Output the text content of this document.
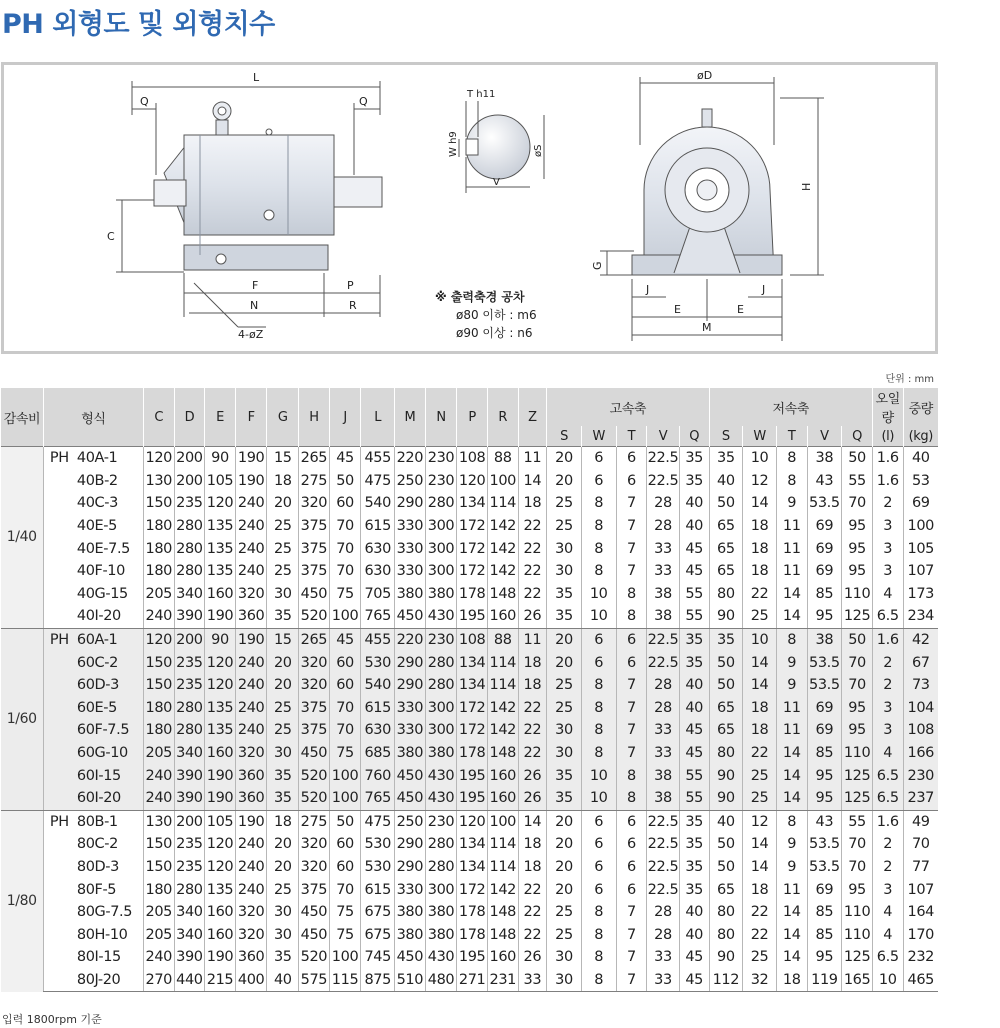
PH 외형도 및 외형치수
L
Q	Q
C
F	P
N	R
4-øZ
T h11
W h9	øS
V
※ 출력축경 공차
ø80 이하 : m6
ø90 이상 : n6
øD
H
G
J	J
E	E
M
단위 : mm
감속비	형식	C	D	E	F	G	H	J	L	M	N	P	R	Z	고속축					저속축					오일량	중량
															S	W	T	V	Q	S	W	T	V	Q	(l)	(kg)
1/40	PH 40A-1	120	200	90	190	15	265	45	455	220	230	108	88	11	20	6	6	22.5	35	35	10	8	38	50	1.6	40
	40B-2	130	200	105	190	18	275	50	475	250	230	120	100	14	20	6	6	22.5	35	40	12	8	43	55	1.6	53
	40C-3	150	235	120	240	20	320	60	540	290	280	134	114	18	25	8	7	28	40	50	14	9	53.5	70	2	69
	40E-5	180	280	135	240	25	375	70	615	330	300	172	142	22	25	8	7	28	40	65	18	11	69	95	3	100
	40E-7.5	180	280	135	240	25	375	70	630	330	300	172	142	22	30	8	7	33	45	65	18	11	69	95	3	105
	40F-10	180	280	135	240	25	375	70	630	330	300	172	142	22	30	8	7	33	45	65	18	11	69	95	3	107
	40G-15	205	340	160	320	30	450	75	705	380	380	178	148	22	35	10	8	38	55	80	22	14	85	110	4	173
	40I-20	240	390	190	360	35	520	100	765	450	430	195	160	26	35	10	8	38	55	90	25	14	95	125	6.5	234
1/60	PH 60A-1	120	200	90	190	15	265	45	455	220	230	108	88	11	20	6	6	22.5	35	35	10	8	38	50	1.6	42
	60C-2	150	235	120	240	20	320	60	530	290	280	134	114	18	20	6	6	22.5	35	50	14	9	53.5	70	2	67
	60D-3	150	235	120	240	20	320	60	540	290	280	134	114	18	25	8	7	28	40	50	14	9	53.5	70	2	73
	60E-5	180	280	135	240	25	375	70	615	330	300	172	142	22	25	8	7	28	40	65	18	11	69	95	3	104
	60F-7.5	180	280	135	240	25	375	70	630	330	300	172	142	22	30	8	7	33	45	65	18	11	69	95	3	108
	60G-10	205	340	160	320	30	450	75	685	380	380	178	148	22	30	8	7	33	45	80	22	14	85	110	4	166
	60I-15	240	390	190	360	35	520	100	760	450	430	195	160	26	35	10	8	38	55	90	25	14	95	125	6.5	230
	60I-20	240	390	190	360	35	520	100	765	450	430	195	160	26	35	10	8	38	55	90	25	14	95	125	6.5	237
1/80	PH 80B-1	130	200	105	190	18	275	50	475	250	230	120	100	14	20	6	6	22.5	35	40	12	8	43	55	1.6	49
	80C-2	150	235	120	240	20	320	60	530	290	280	134	114	18	20	6	6	22.5	35	50	14	9	53.5	70	2	70
	80D-3	150	235	120	240	20	320	60	530	290	280	134	114	18	20	6	6	22.5	35	50	14	9	53.5	70	2	77
	80F-5	180	280	135	240	25	375	70	615	330	300	172	142	22	20	6	6	22.5	35	65	18	11	69	95	3	107
	80G-7.5	205	340	160	320	30	450	75	675	380	380	178	148	22	25	8	7	28	40	80	22	14	85	110	4	164
	80H-10	205	340	160	320	30	450	75	675	380	380	178	148	22	25	8	7	28	40	80	22	14	85	110	4	170
	80I-15	240	390	190	360	35	520	100	745	450	430	195	160	26	30	8	7	33	45	90	25	14	95	125	6.5	232
	80J-20	270	440	215	400	40	575	115	875	510	480	271	231	33	30	8	7	33	45	112	32	18	119	165	10	465
입력 1800rpm 기준
